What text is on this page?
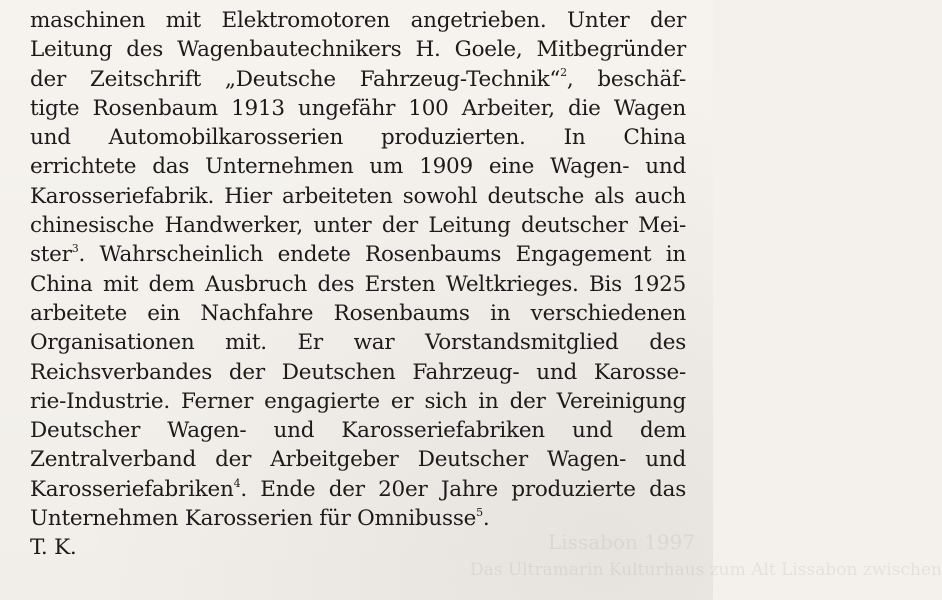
Lissabon 1997
Das Ultramarin Kulturhaus zum Alt Lissabon zwischen
maschinen mit Elektromotoren angetrieben. Unter der
Leitung des Wagenbautechnikers H. Goele, Mitbegründer
der Zeitschrift „Deutsche Fahrzeug-Technik“$^2$, beschäf-
tigte Rosenbaum 1913 ungefähr 100 Arbeiter, die Wagen
und Automobilkarosserien produzierten. In China
errichtete das Unternehmen um 1909 eine Wagen- und
Karosseriefabrik. Hier arbeiteten sowohl deutsche als auch
chinesische Handwerker, unter der Leitung deutscher Mei-
ster$^3$. Wahrscheinlich endete Rosenbaums Engagement in
China mit dem Ausbruch des Ersten Weltkrieges. Bis 1925
arbeitete ein Nachfahre Rosenbaums in verschiedenen
Organisationen mit. Er war Vorstandsmitglied des
Reichsverbandes der Deutschen Fahrzeug- und Karosse-
rie-Industrie. Ferner engagierte er sich in der Vereinigung
Deutscher Wagen- und Karosseriefabriken und dem
Zentralverband der Arbeitgeber Deutscher Wagen- und
Karosseriefabriken$^4$. Ende der 20er Jahre produzierte das
Unternehmen Karosserien für Omnibusse$^5$.
T. K.
